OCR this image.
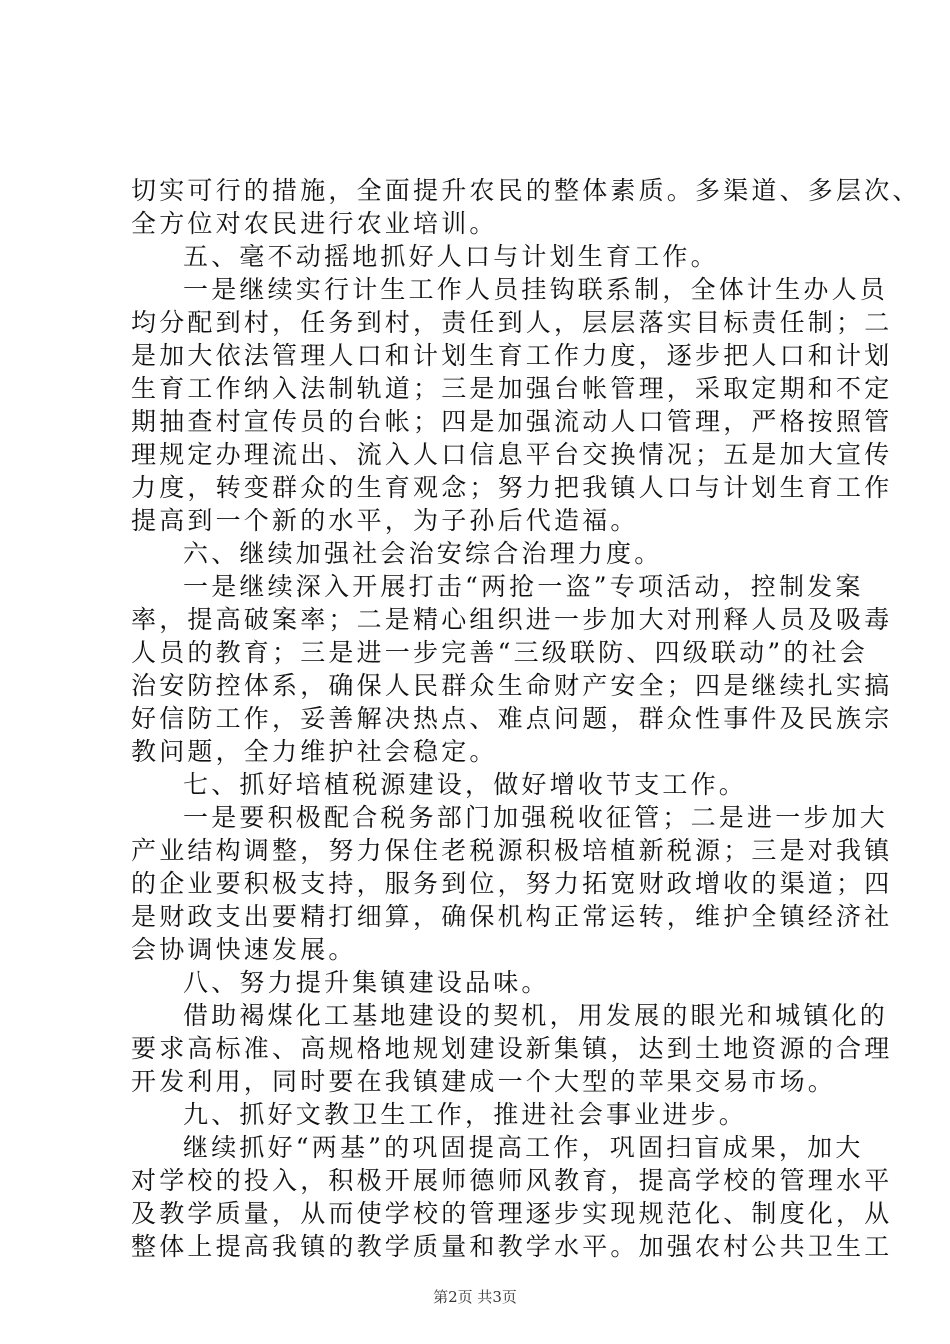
切实可行的措施，全面提升农民的整体素质。多渠道、多层次、
全方位对农民进行农业培训。
五、毫不动摇地抓好人口与计划生育工作。
一是继续实行计生工作人员挂钩联系制，全体计生办人员
均分配到村，任务到村，责任到人，层层落实目标责任制；二
是加大依法管理人口和计划生育工作力度，逐步把人口和计划
生育工作纳入法制轨道；三是加强台帐管理，采取定期和不定
期抽查村宣传员的台帐；四是加强流动人口管理，严格按照管
理规定办理流出、流入人口信息平台交换情况；五是加大宣传
力度，转变群众的生育观念；努力把我镇人口与计划生育工作
提高到一个新的水平，为子孙后代造福。
六、继续加强社会治安综合治理力度。
一是继续深入开展打击“两抢一盗”专项活动，控制发案
率，提高破案率；二是精心组织进一步加大对刑释人员及吸毒
人员的教育；三是进一步完善“三级联防、四级联动”的社会
治安防控体系，确保人民群众生命财产安全；四是继续扎实搞
好信防工作，妥善解决热点、难点问题，群众性事件及民族宗
教问题，全力维护社会稳定。
七、抓好培植税源建设，做好增收节支工作。
一是要积极配合税务部门加强税收征管；二是进一步加大
产业结构调整，努力保住老税源积极培植新税源；三是对我镇
的企业要积极支持，服务到位，努力拓宽财政增收的渠道；四
是财政支出要精打细算，确保机构正常运转，维护全镇经济社
会协调快速发展。
八、努力提升集镇建设品味。
借助褐煤化工基地建设的契机，用发展的眼光和城镇化的
要求高标准、高规格地规划建设新集镇，达到土地资源的合理
开发利用，同时要在我镇建成一个大型的苹果交易市场。
九、抓好文教卫生工作，推进社会事业进步。
继续抓好“两基”的巩固提高工作，巩固扫盲成果，加大
对学校的投入，积极开展师德师风教育，提高学校的管理水平
及教学质量，从而使学校的管理逐步实现规范化、制度化，从
整体上提高我镇的教学质量和教学水平。加强农村公共卫生工
第2页 共3页
